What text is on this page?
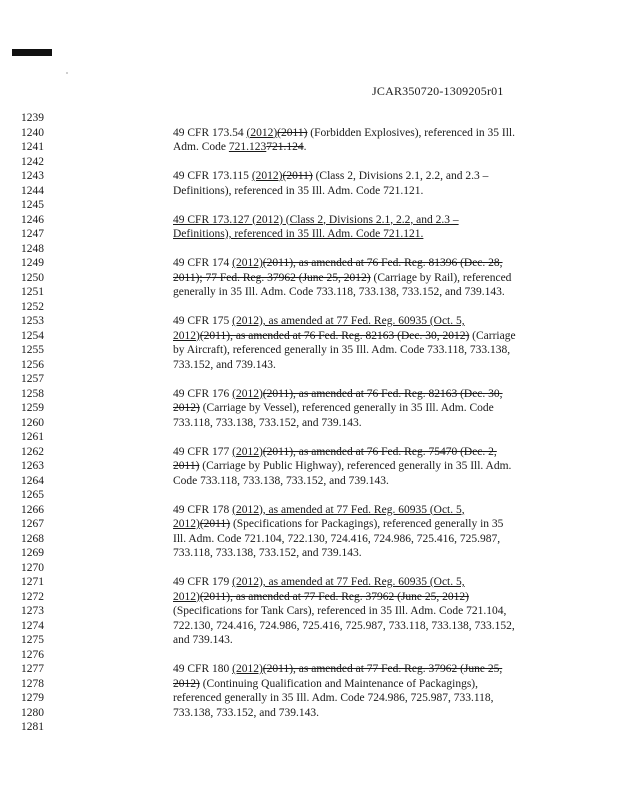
JCAR350720-1309205r01
1239
1240
1241
1242
1243
1244
1245
1246
1247
1248
1249
1250
1251
1252
1253
1254
1255
1256
1257
1258
1259
1260
1261
1262
1263
1264
1265
1266
1267
1268
1269
1270
1271
1272
1273
1274
1275
1276
1277
1278
1279
1280
1281
49 CFR 173.54 (2012)(2011) (Forbidden Explosives), referenced in 35 Ill.
Adm. Code 721.123721.124.
49 CFR 173.115 (2012)(2011) (Class 2, Divisions 2.1, 2.2, and 2.3 –
Definitions), referenced in 35 Ill. Adm. Code 721.121.
49 CFR 173.127 (2012) (Class 2, Divisions 2.1, 2.2, and 2.3 –
Definitions), referenced in 35 Ill. Adm. Code 721.121.
49 CFR 174 (2012)(2011), as amended at 76 Fed. Reg. 81396 (Dec. 28,
2011); 77 Fed. Reg. 37962 (June 25, 2012) (Carriage by Rail), referenced
generally in 35 Ill. Adm. Code 733.118, 733.138, 733.152, and 739.143.
49 CFR 175 (2012), as amended at 77 Fed. Reg. 60935 (Oct. 5,
2012)(2011), as amended at 76 Fed. Reg. 82163 (Dec. 30, 2012) (Carriage
by Aircraft), referenced generally in 35 Ill. Adm. Code 733.118, 733.138,
733.152, and 739.143.
49 CFR 176 (2012)(2011), as amended at 76 Fed. Reg. 82163 (Dec. 30,
2012) (Carriage by Vessel), referenced generally in 35 Ill. Adm. Code
733.118, 733.138, 733.152, and 739.143.
49 CFR 177 (2012)(2011), as amended at 76 Fed. Reg. 75470 (Dec. 2,
2011) (Carriage by Public Highway), referenced generally in 35 Ill. Adm.
Code 733.118, 733.138, 733.152, and 739.143.
49 CFR 178 (2012), as amended at 77 Fed. Reg. 60935 (Oct. 5,
2012)(2011) (Specifications for Packagings), referenced generally in 35
Ill. Adm. Code 721.104, 722.130, 724.416, 724.986, 725.416, 725.987,
733.118, 733.138, 733.152, and 739.143.
49 CFR 179 (2012), as amended at 77 Fed. Reg. 60935 (Oct. 5,
2012)(2011), as amended at 77 Fed. Reg. 37962 (June 25, 2012)
(Specifications for Tank Cars), referenced in 35 Ill. Adm. Code 721.104,
722.130, 724.416, 724.986, 725.416, 725.987, 733.118, 733.138, 733.152,
and 739.143.
49 CFR 180 (2012)(2011), as amended at 77 Fed. Reg. 37962 (June 25,
2012) (Continuing Qualification and Maintenance of Packagings),
referenced generally in 35 Ill. Adm. Code 724.986, 725.987, 733.118,
733.138, 733.152, and 739.143.
